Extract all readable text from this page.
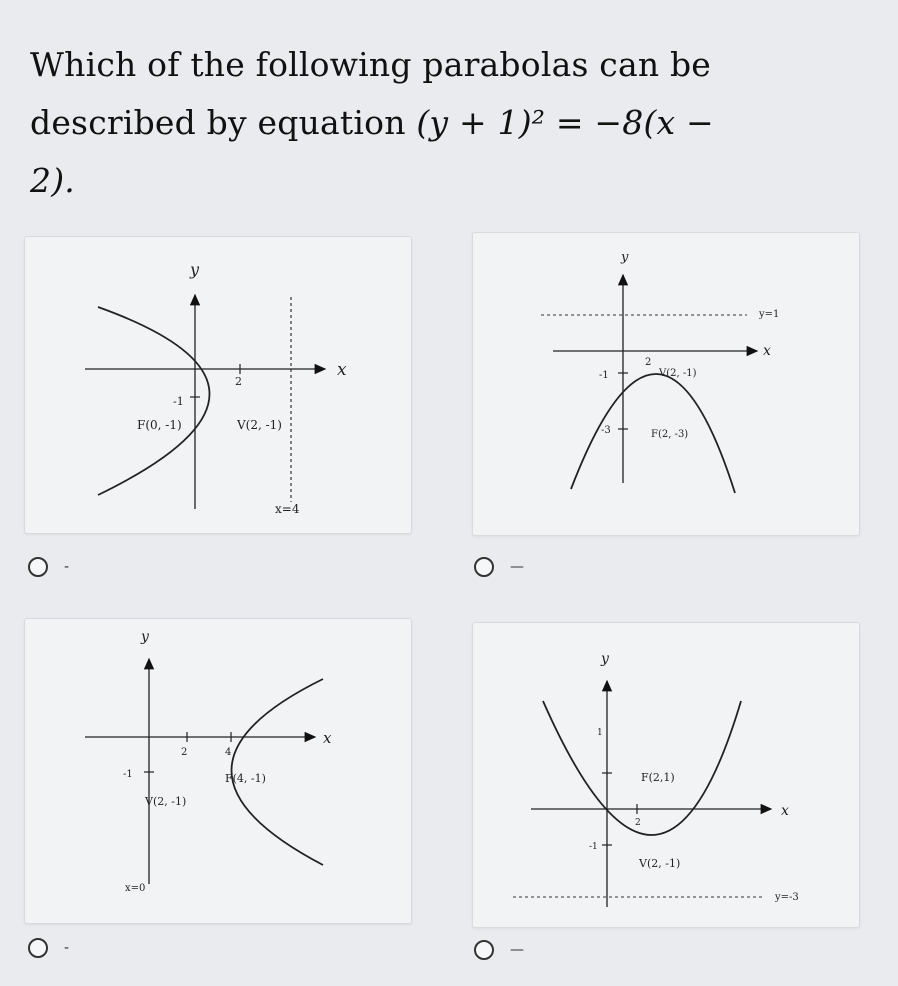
Which of the following parabolas can be described by equation (y + 1)² = −8(x − 2).
y
x
2
-1
F(0, -1)	V(2, -1)
x=4
y
x
y=1
2
-1
-3
V(2, -1)
F(2, -3)
-	—
y
x
2	4
-1	F(4, -1)
V(2, -1)
x=0
y
x
1
F(2,1)
2
-1
V(2, -1)
y=-3
-	—
